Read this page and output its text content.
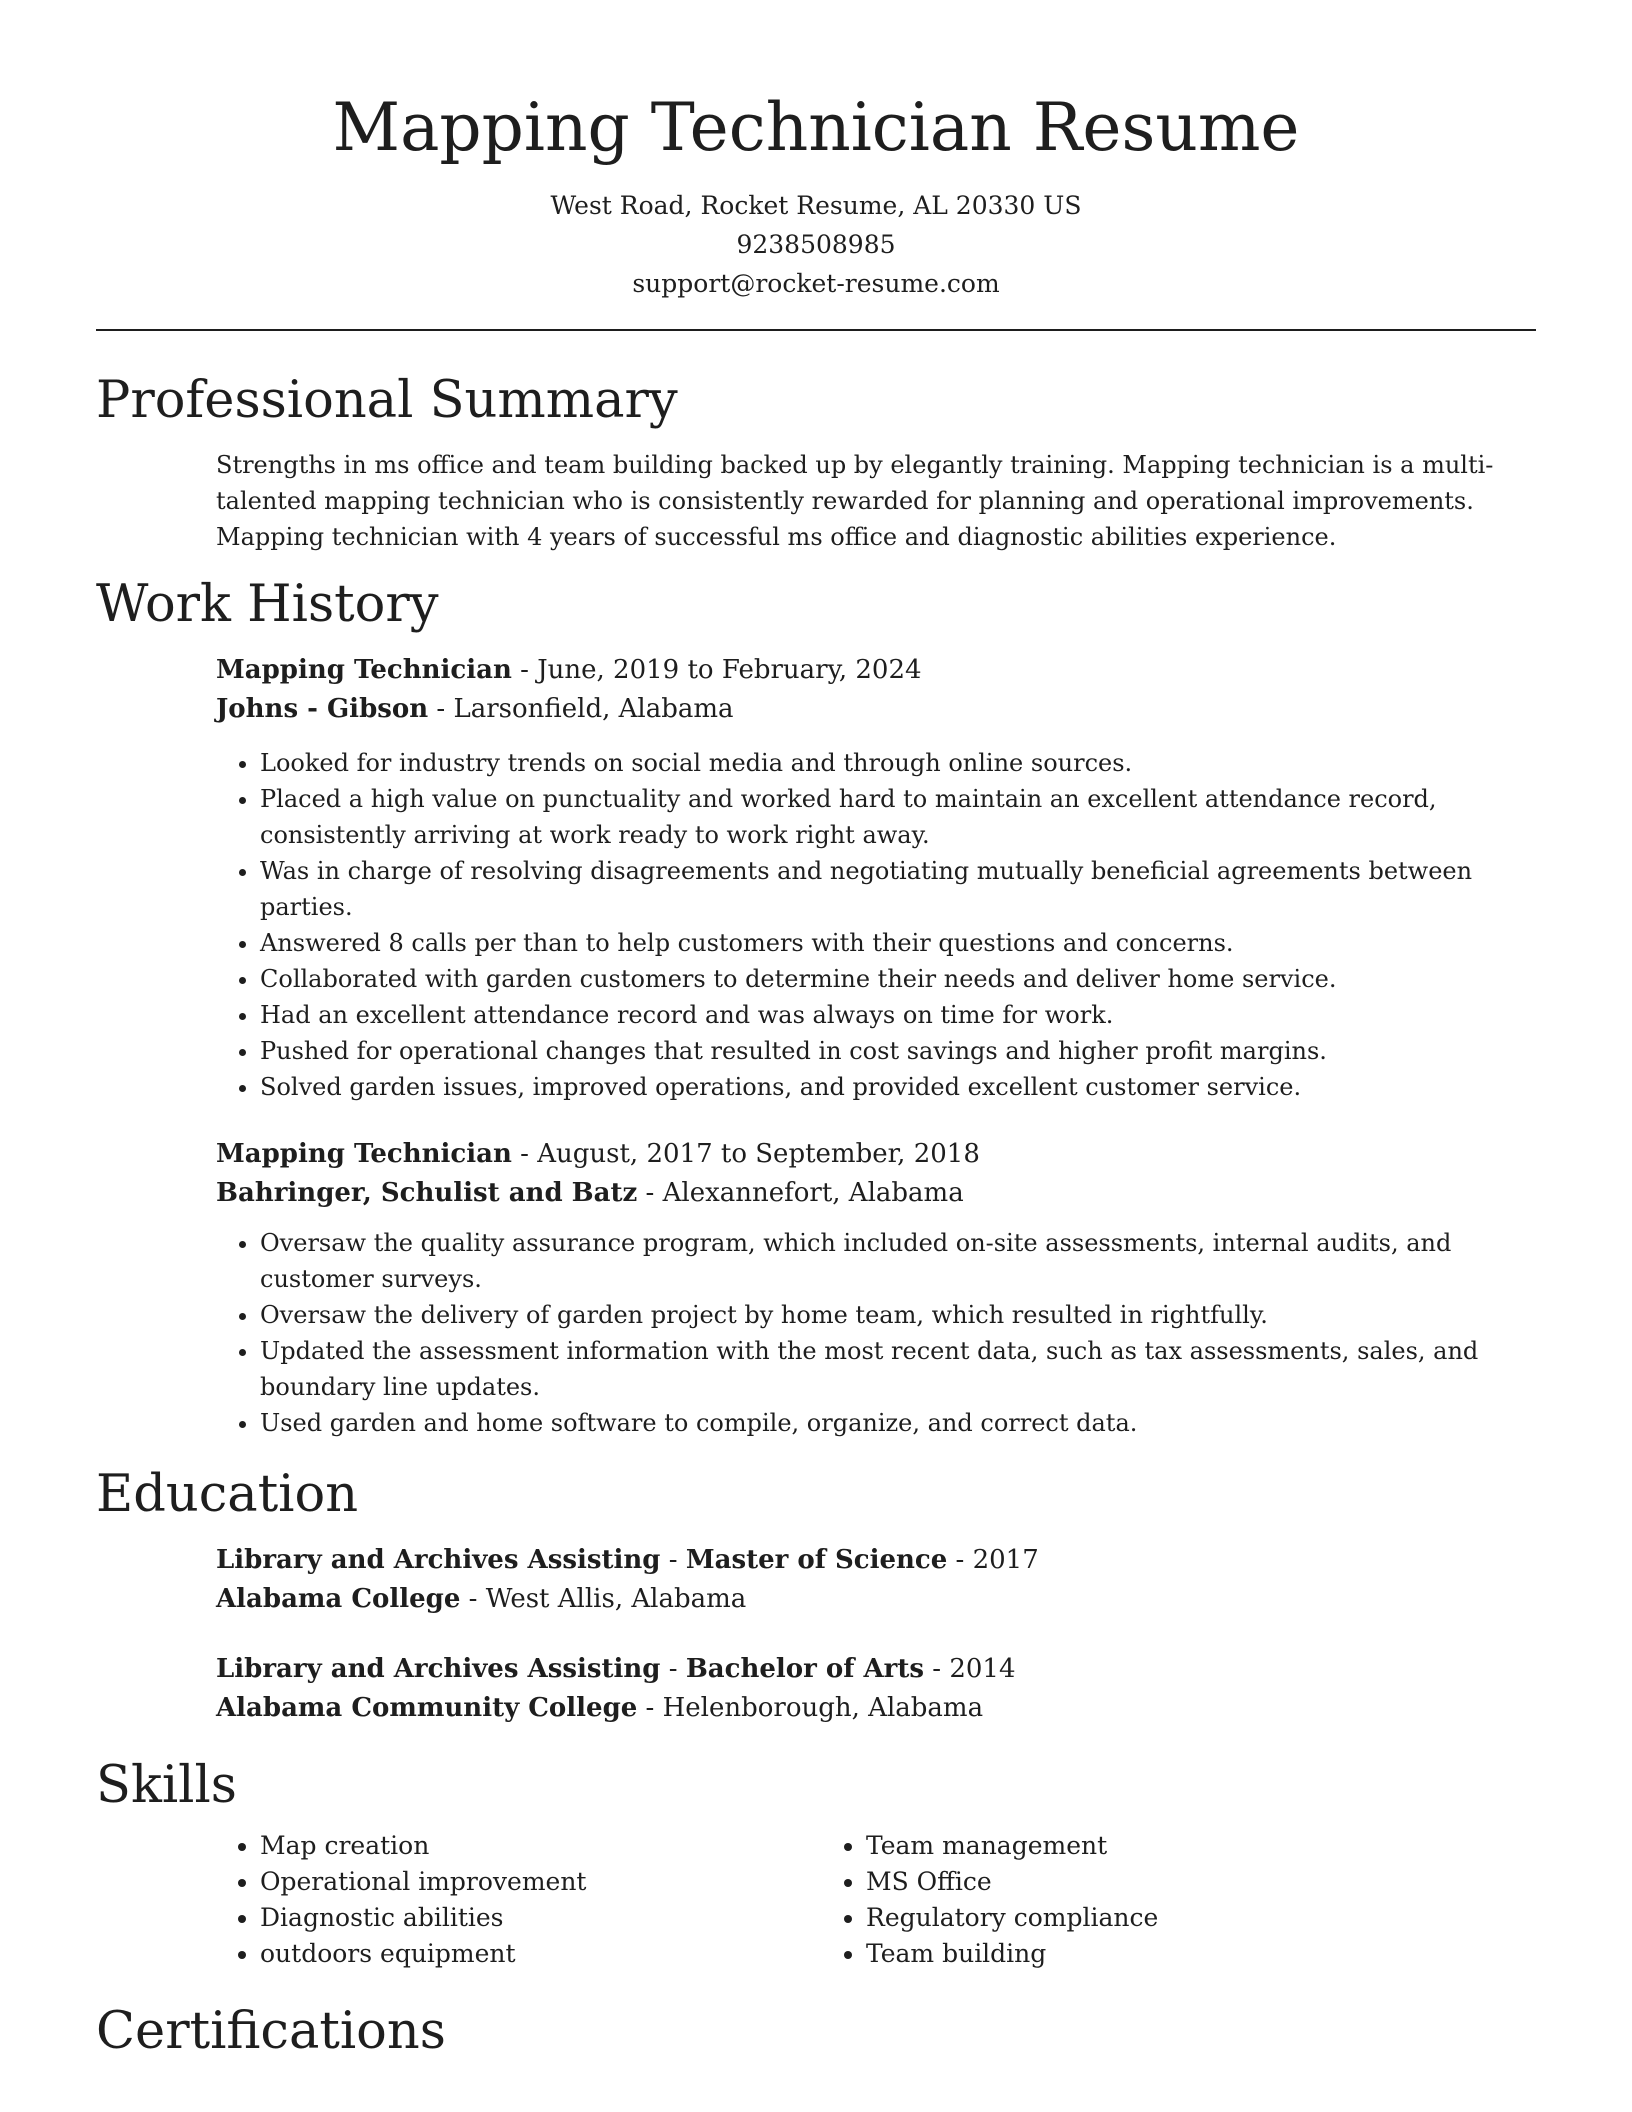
Mapping Technician Resume
West Road, Rocket Resume, AL 20330 US
9238508985
support@rocket-resume.com
Professional Summary

Strengths in ms office and team building backed up by elegantly training. Mapping technician is a multi-talented mapping technician who is consistently rewarded for planning and operational improvements. Mapping technician with 4 years of successful ms office and diagnostic abilities experience.

Work History
Mapping Technician - June, 2019 to February, 2024
Johns - Gibson - Larsonfield, Alabama
• Looked for industry trends on social media and through online sources.
• Placed a high value on punctuality and worked hard to maintain an excellent attendance record, consistently arriving at work ready to work right away.
• Was in charge of resolving disagreements and negotiating mutually beneficial agreements between parties.
• Answered 8 calls per than to help customers with their questions and concerns.
• Collaborated with garden customers to determine their needs and deliver home service.
• Had an excellent attendance record and was always on time for work.
• Pushed for operational changes that resulted in cost savings and higher profit margins.
• Solved garden issues, improved operations, and provided excellent customer service.
Mapping Technician - August, 2017 to September, 2018
Bahringer, Schulist and Batz - Alexannefort, Alabama
• Oversaw the quality assurance program, which included on-site assessments, internal audits, and customer surveys.
• Oversaw the delivery of garden project by home team, which resulted in rightfully.
• Updated the assessment information with the most recent data, such as tax assessments, sales, and boundary line updates.
• Used garden and home software to compile, organize, and correct data.
Education
Library and Archives Assisting - Master of Science - 2017
Alabama College - West Allis, Alabama
Library and Archives Assisting - Bachelor of Arts - 2014
Alabama Community College - Helenborough, Alabama
Skills
• Map creation
• Operational improvement
• Diagnostic abilities
• outdoors equipment
• Team management
• MS Office
• Regulatory compliance
• Team building
Certifications
